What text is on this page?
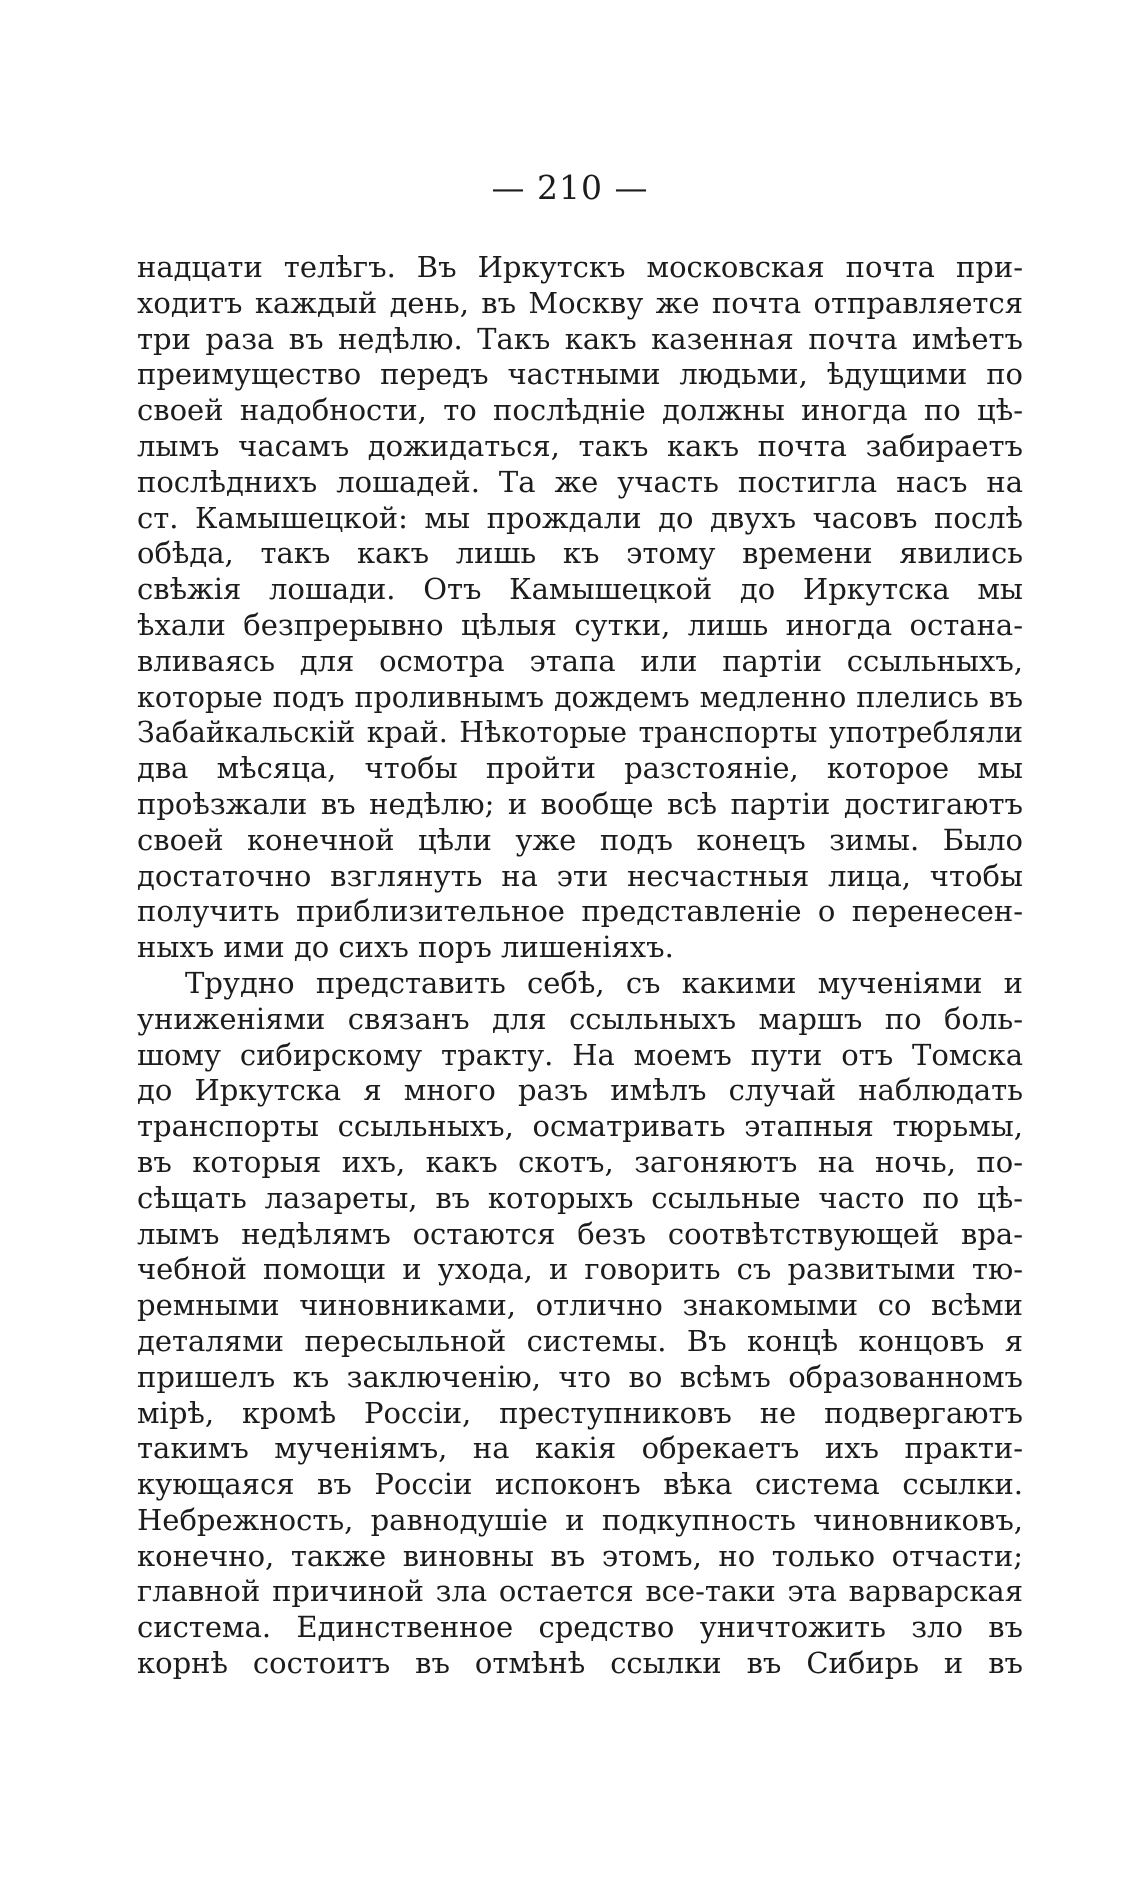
— 210 —
надцати телѣгъ. Въ Иркутскъ московская почта при-
ходитъ каждый день, въ Москву же почта отправляется
три раза въ недѣлю. Такъ какъ казенная почта имѣетъ
преимущество передъ частными людьми, ѣдущими по
своей надобности, то послѣдніе должны иногда по цѣ-
лымъ часамъ дожидаться, такъ какъ почта забираетъ
послѣднихъ лошадей. Та же участь постигла насъ на
ст. Камышецкой: мы прождали до двухъ часовъ послѣ
обѣда, такъ какъ лишь къ этому времени явились
свѣжія лошади. Отъ Камышецкой до Иркутска мы
ѣхали безпрерывно цѣлыя сутки, лишь иногда остана-
вливаясь для осмотра этапа или партіи ссыльныхъ,
которые подъ проливнымъ дождемъ медленно плелись въ
Забайкальскій край. Нѣкоторые транспорты употребляли
два мѣсяца, чтобы пройти разстояніе, которое мы
проѣзжали въ недѣлю; и вообще всѣ партіи достигаютъ
своей конечной цѣли уже подъ конецъ зимы. Было
достаточно взглянуть на эти несчастныя лица, чтобы
получить приблизительное представленіе о перенесен-
ныхъ ими до сихъ поръ лишеніяхъ.
Трудно представить себѣ, съ какими мученіями и
униженіями связанъ для ссыльныхъ маршъ по боль-
шому сибирскому тракту. На моемъ пути отъ Томска
до Иркутска я много разъ имѣлъ случай наблюдать
транспорты ссыльныхъ, осматривать этапныя тюрьмы,
въ которыя ихъ, какъ скотъ, загоняютъ на ночь, по-
сѣщать лазареты, въ которыхъ ссыльные часто по цѣ-
лымъ недѣлямъ остаются безъ соотвѣтствующей вра-
чебной помощи и ухода, и говорить съ развитыми тю-
ремными чиновниками, отлично знакомыми со всѣми
деталями пересыльной системы. Въ концѣ концовъ я
пришелъ къ заключенію, что во всѣмъ образованномъ
мірѣ, кромѣ Россіи, преступниковъ не подвергаютъ
такимъ мученіямъ, на какія обрекаетъ ихъ практи-
кующаяся въ Россіи испоконъ вѣка система ссылки.
Небрежность, равнодушіе и подкупность чиновниковъ,
конечно, также виновны въ этомъ, но только отчасти;
главной причиной зла остается все-таки эта варварская
система. Единственное средство уничтожить зло въ
корнѣ состоитъ въ отмѣнѣ ссылки въ Сибирь и въ
